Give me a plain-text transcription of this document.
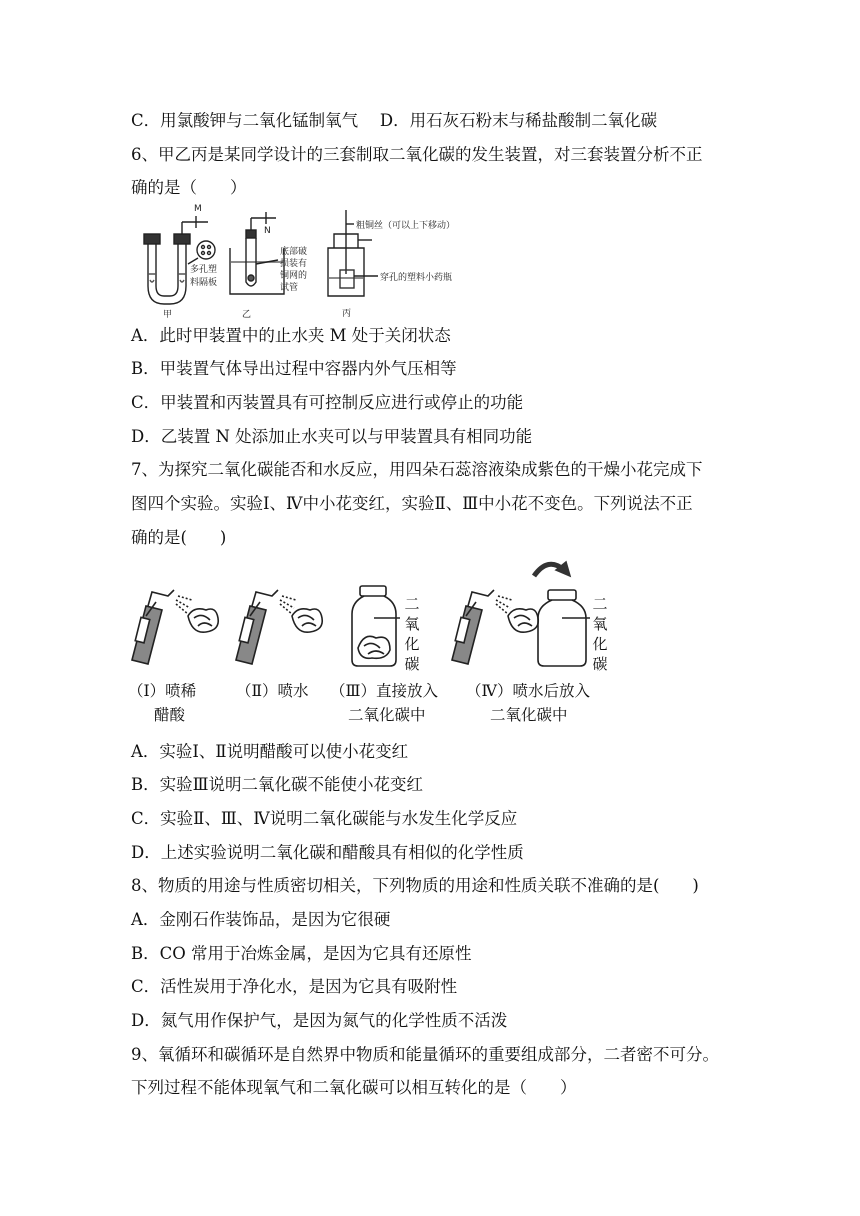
C．用氯酸钾与二氧化锰制氧气　 D．用石灰石粉末与稀盐酸制二氧化碳
6、甲乙丙是某同学设计的三套制取二氧化碳的发生装置，对三套装置分析不正
确的是（　　）
M
N
多孔塑
料隔板
底部破
损装有
铜网的
试管
粗铜丝（可以上下移动）
穿孔的塑料小药瓶
甲	乙	丙
A．此时甲装置中的止水夹 M 处于关闭状态
B．甲装置气体导出过程中容器内外气压相等
C．甲装置和丙装置具有可控制反应进行或停止的功能
D．乙装置 N 处添加止水夹可以与甲装置具有相同功能
7、为探究二氧化碳能否和水反应，用四朵石蕊溶液染成紫色的干燥小花完成下
图四个实验。实验Ⅰ、Ⅳ中小花变红，实验Ⅱ、Ⅲ中小花不变色。下列说法不正
确的是(　　)
二
氧
化
碳
二
氧
化
碳
（Ⅰ）喷稀
醋酸
（Ⅱ）喷水 （Ⅲ）直接放入
二氧化碳中
（Ⅳ）喷水后放入
二氧化碳中
A．实验Ⅰ、Ⅱ说明醋酸可以使小花变红
B．实验Ⅲ说明二氧化碳不能使小花变红
C．实验Ⅱ、Ⅲ、Ⅳ说明二氧化碳能与水发生化学反应
D．上述实验说明二氧化碳和醋酸具有相似的化学性质
8、物质的用途与性质密切相关，下列物质的用途和性质关联不准确的是(　　)
A．金刚石作装饰品，是因为它很硬
B．CO 常用于冶炼金属，是因为它具有还原性
C．活性炭用于净化水，是因为它具有吸附性
D．氮气用作保护气，是因为氮气的化学性质不活泼
9、氧循环和碳循环是自然界中物质和能量循环的重要组成部分，二者密不可分。
下列过程不能体现氧气和二氧化碳可以相互转化的是（　　）
